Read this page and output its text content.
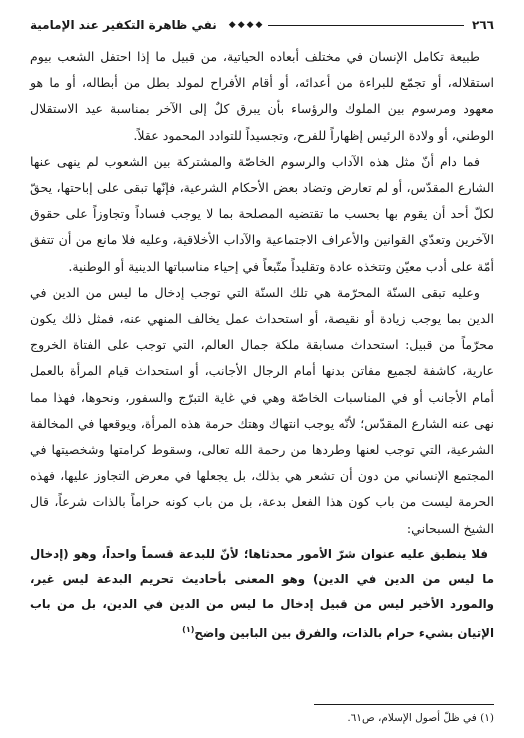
٢٦٦
◆◆◆◆
نفي ظاهرة التكفير عند الإمامية

طبيعة تكامل الإنسان في مختلف أبعاده الحياتية، من قبيل ما إذا احتفل الشعب بيوم استقلاله، أو تجمّع للبراءة من أعدائه، أو أقام الأفراح لمولد بطل من أبطاله، أو ما هو معهود ومرسوم بين الملوك والرؤساء بأن يبرق كلٌ إلى الآخر بمناسبة عيد الاستقلال الوطني، أو ولادة الرئيس إظهاراً للفرح، وتجسيداً للتوادد المحمود عقلاً.

فما دام أنّ مثل هذه الآداب والرسوم الخاصّة والمشتركة بين الشعوب لم ينهى عنها الشارع المقدّس، أو لم تعارض وتضاد بعض الأحكام الشرعية، فإنّها تبقى على إباحتها، يحقّ لكلّ أحد أن يقوم بها بحسب ما تقتضيه المصلحة بما لا يوجب فساداً وتجاوزاً على حقوق الآخرين وتعدّي القوانين والأعراف الاجتماعية والآداب الأخلاقية، وعليه فلا مانع من أن تتفق أمّة على أدب معيّن وتتخذه عادة وتقليداً متّبعاً في إحياء مناسباتها الدينية أو الوطنية.

وعليه تبقى السنّة المحرّمة هي تلك السنّة التي توجب إدخال ما ليس من الدين في الدين بما يوجب زيادة أو نقيصة، أو استحداث عمل يخالف المنهي عنه، فمثل ذلك يكون محرّماً من قبيل: استحداث مسابقة ملكة جمال العالم، التي توجب على الفتاة الخروج عارية، كاشفة لجميع مفاتن بدنها أمام الرجال الأجانب، أو استحداث قيام المرأة بالعمل أمام الأجانب أو في المناسبات الخاصّة وهي في غاية التبرّج والسفور، ونحوها، فهذا مما نهى عنه الشارع المقدّس؛ لأنّه يوجب انتهاك وهتك حرمة هذه المرأة، ويوقعها في المخالفة الشرعية، التي توجب لعنها وطردها من رحمة الله تعالى، وسقوط كرامتها وشخصيتها في المجتمع الإنساني من دون أن تشعر هي بذلك، بل يجعلها في معرض التجاوز عليها، فهذه الحرمة ليست من باب كون هذا الفعل بدعة، بل من باب كونه حراماً بالذات شرعاً، قال الشيخ السبحاني:

فلا ينطبق عليه عنوان شرّ الأمور محدثاها؛ لأنّ للبدعة قسماً واحداً، وهو (إدخال ما ليس من الدين في الدين) وهو المعنى بأحاديث تحريم البدعة ليس غير، والمورد الأخير ليس من قبيل إدخال ما ليس من الدين في الدين، بل من باب الإتيان بشيء حرام بالذات، والفرق بين البابين واضح$^{(١)}$

(١) في ظلّ أصول الإسلام، ص٦١.
